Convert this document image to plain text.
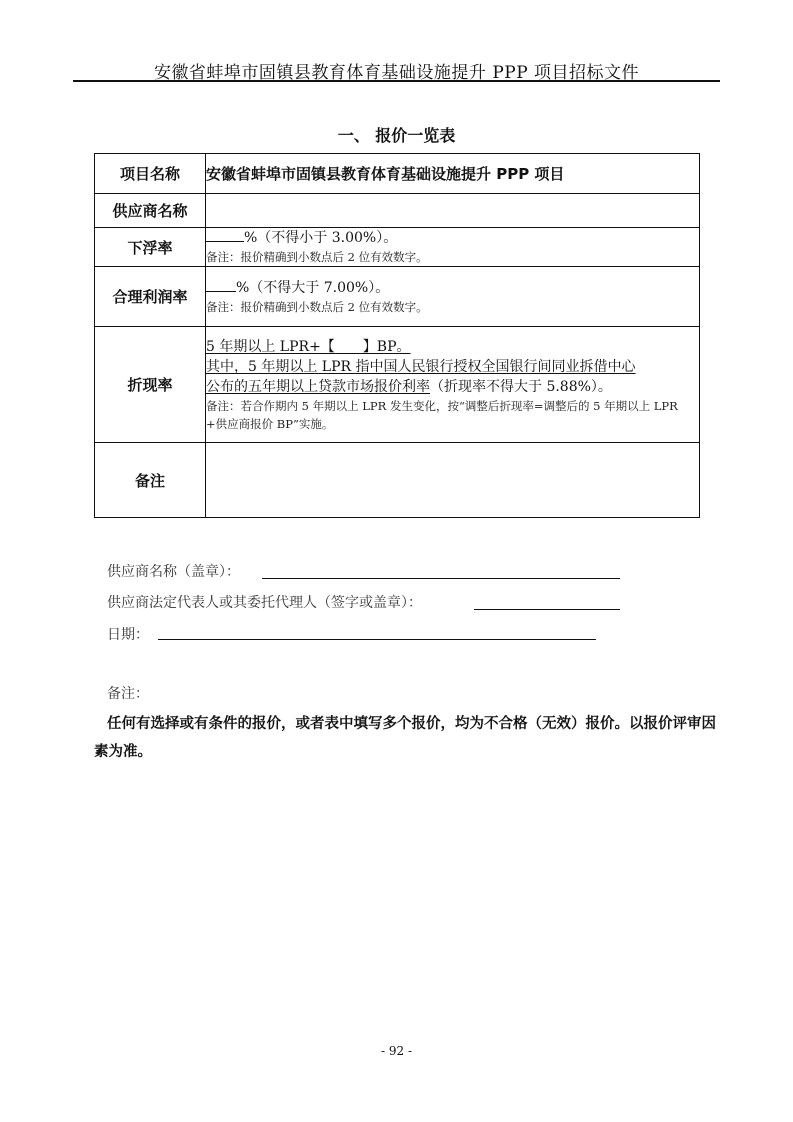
安徽省蚌埠市固镇县教育体育基础设施提升 PPP 项目招标文件
一、 报价一览表
项目名称	安徽省蚌埠市固镇县教育体育基础设施提升 PPP 项目
供应商名称	
下浮率	%（不得小于 3.00%）。
备注：报价精确到小数点后 2 位有效数字。

合理利润率	%（不得大于 7.00%）。
备注：报价精确到小数点后 2 位有效数字。

折现率	5 年期以上 LPR+【　　】BP。
其中，5 年期以上 LPR 指中国人民银行授权全国银行间同业拆借中心
公布的五年期以上贷款市场报价利率（折现率不得大于 5.88%）。
备注：若合作期内 5 年期以上 LPR 发生变化，按“调整后折现率=调整后的 5 年期以上 LPR +供应商报价 BP”实施。

备注	
供应商名称（盖章）：
供应商法定代表人或其委托代理人（签字或盖章）：
日期：
备注：
任何有选择或有条件的报价，或者表中填写多个报价，均为不合格（无效）报价。以报价评审因素为准。
- 92 -
